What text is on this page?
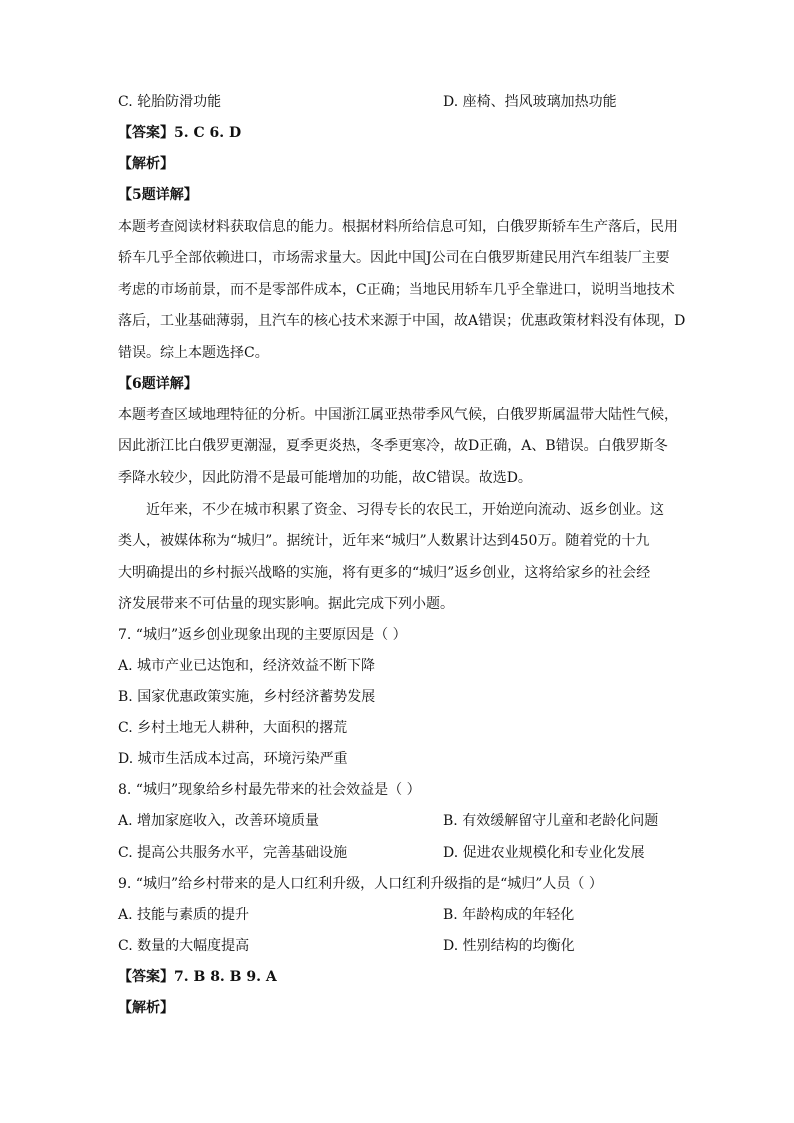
C. 轮胎防滑功能	D. 座椅、挡风玻璃加热功能
【答案】5. C 6. D
【解析】
【5题详解】
本题考查阅读材料获取信息的能力。根据材料所给信息可知，白俄罗斯轿车生产落后，民用
轿车几乎全部依赖进口，市场需求量大。因此中国J公司在白俄罗斯建民用汽车组装厂主要
考虑的市场前景，而不是零部件成本，C正确；当地民用轿车几乎全靠进口，说明当地技术
落后，工业基础薄弱，且汽车的核心技术来源于中国，故A错误；优惠政策材料没有体现，D
错误。综上本题选择C。
【6题详解】
本题考查区域地理特征的分析。中国浙江属亚热带季风气候，白俄罗斯属温带大陆性气候，
因此浙江比白俄罗更潮湿，夏季更炎热，冬季更寒冷，故D正确，A、B错误。白俄罗斯冬
季降水较少，因此防滑不是最可能增加的功能，故C错误。故选D。
近年来，不少在城市积累了资金、习得专长的农民工，开始逆向流动、返乡创业。这
类人，被媒体称为“城归”。据统计，近年来“城归”人数累计达到450万。随着党的十九
大明确提出的乡村振兴战略的实施，将有更多的“城归”返乡创业，这将给家乡的社会经
济发展带来不可估量的现实影响。据此完成下列小题。
7. “城归”返乡创业现象出现的主要原因是（ ）
A. 城市产业已达饱和，经济效益不断下降
B. 国家优惠政策实施，乡村经济蓄势发展
C. 乡村土地无人耕种，大面积的撂荒
D. 城市生活成本过高，环境污染严重
8. “城归”现象给乡村最先带来的社会效益是（ ）
A. 增加家庭收入，改善环境质量	B. 有效缓解留守儿童和老龄化问题
C. 提高公共服务水平，完善基础设施	D. 促进农业规模化和专业化发展
9. “城归”给乡村带来的是人口红利升级，人口红利升级指的是“城归”人员（ ）
A. 技能与素质的提升	B. 年龄构成的年轻化
C. 数量的大幅度提高	D. 性别结构的均衡化
【答案】7. B 8. B 9. A
【解析】
